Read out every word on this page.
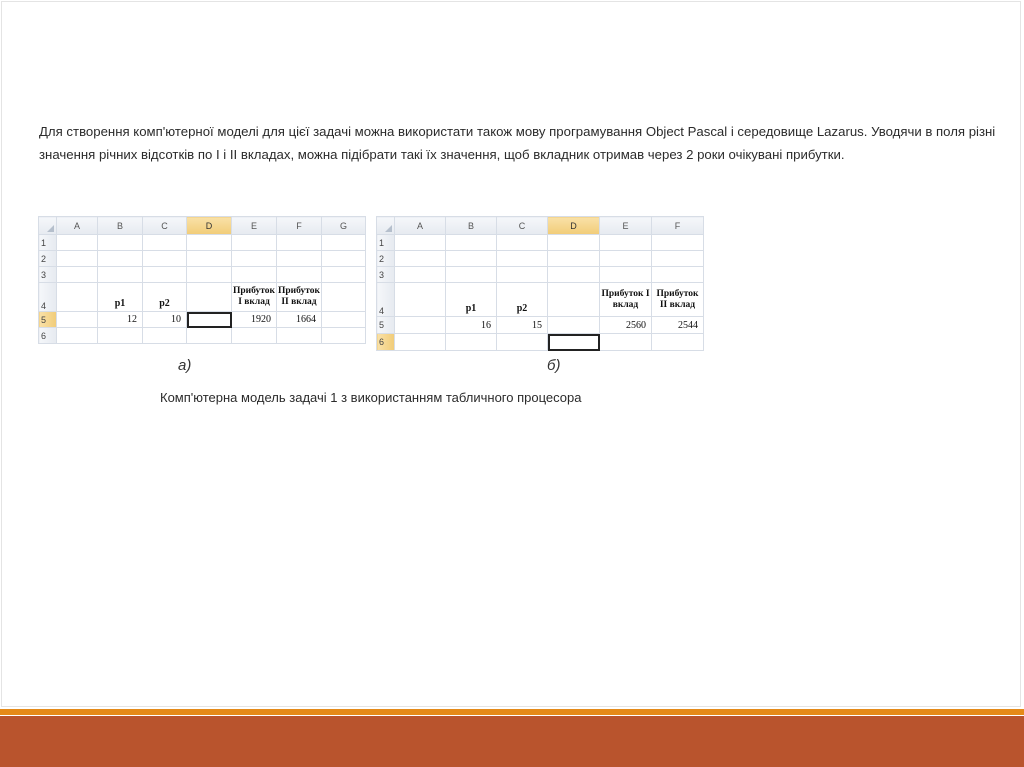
Для створення комп'ютерної моделі для цієї задачі можна використати також мову програмування Object Pascal і середовище Lazarus. Уводячи в поля різні значення річних відсотків по І і ІІ вкладах, можна підібрати такі їх значення, щоб вкладник отримав через 2 роки очікувані прибутки.

	A	B	C	D	E	F	G
1							
2							
3							
4		p1	p2		Прибуток І вклад	Прибуток ІІ вклад	
5		12	10		1920	1664	
6							
а)
	A	B	C	D	E	F
1						
2						
3						
4		p1	p2		Прибуток І вклад	Прибуток ІІ вклад
5		16	15		2560	2544
6						
б)
Комп'ютерна модель задачі 1 з використанням табличного процесора
